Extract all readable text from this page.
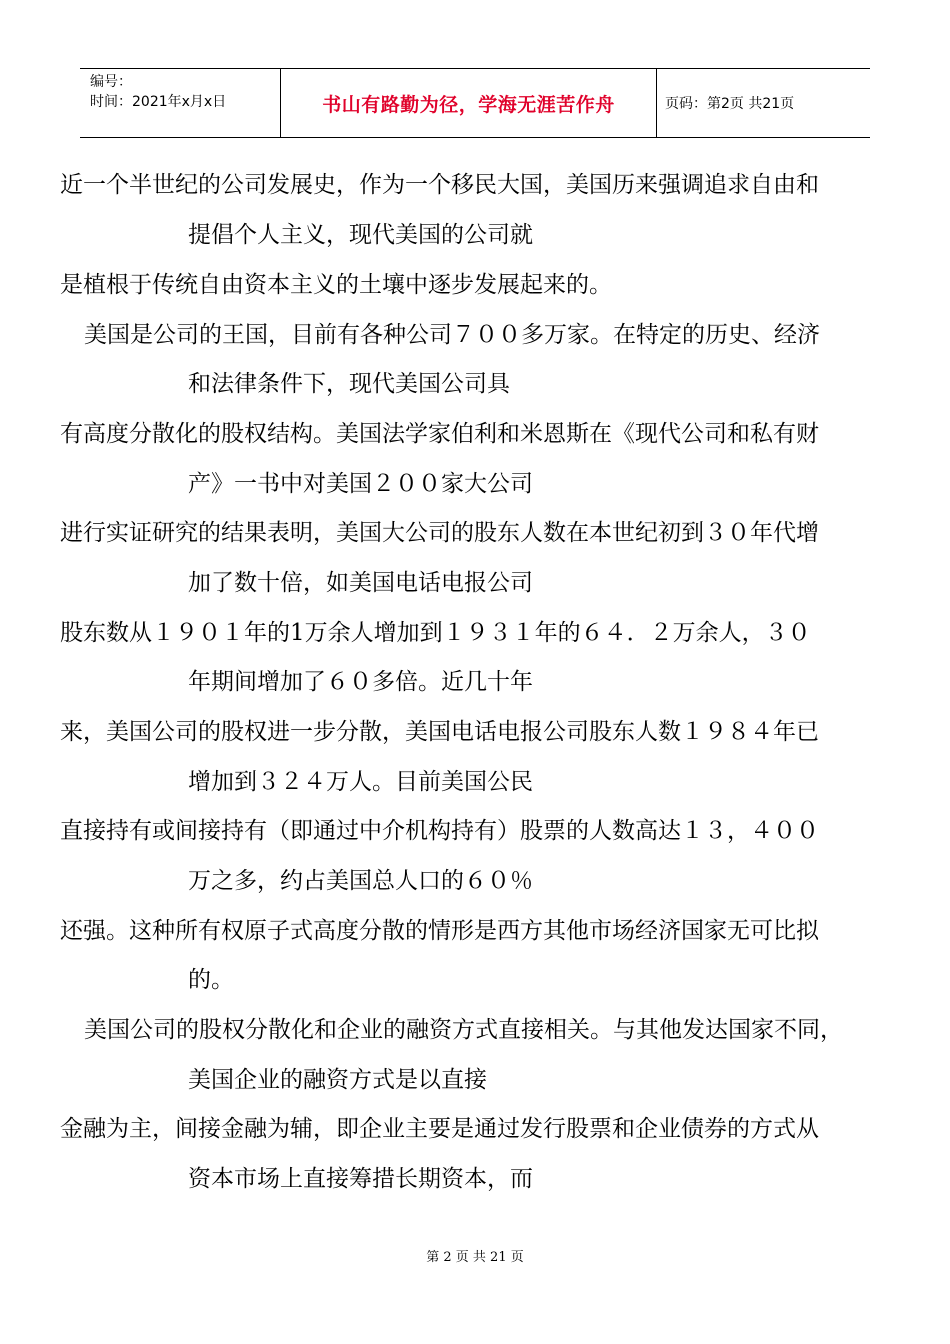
编号：
时间：2021年x月x日	书山有路勤为径，学海无涯苦作舟	页码：第2页 共21页
近一个半世纪的公司发展史，作为一个移民大国，美国历来强调追求自由和
提倡个人主义，现代美国的公司就
是植根于传统自由资本主义的土壤中逐步发展起来的。
美国是公司的王国，目前有各种公司７００多万家。在特定的历史、经济
和法律条件下，现代美国公司具
有高度分散化的股权结构。美国法学家伯利和米恩斯在《现代公司和私有财
产》一书中对美国２００家大公司
进行实证研究的结果表明，美国大公司的股东人数在本世纪初到３０年代增
加了数十倍，如美国电话电报公司
股东数从１９０１年的1万余人增加到１９３１年的６４．２万余人，３０
年期间增加了６０多倍。近几十年
来，美国公司的股权进一步分散，美国电话电报公司股东人数１９８４年已
增加到３２４万人。目前美国公民
直接持有或间接持有（即通过中介机构持有）股票的人数高达１３，４００
万之多，约占美国总人口的６０％
还强。这种所有权原子式高度分散的情形是西方其他市场经济国家无可比拟
的。
美国公司的股权分散化和企业的融资方式直接相关。与其他发达国家不同，
美国企业的融资方式是以直接
金融为主，间接金融为辅，即企业主要是通过发行股票和企业债券的方式从
资本市场上直接筹措长期资本，而
第 2 页 共 21 页
